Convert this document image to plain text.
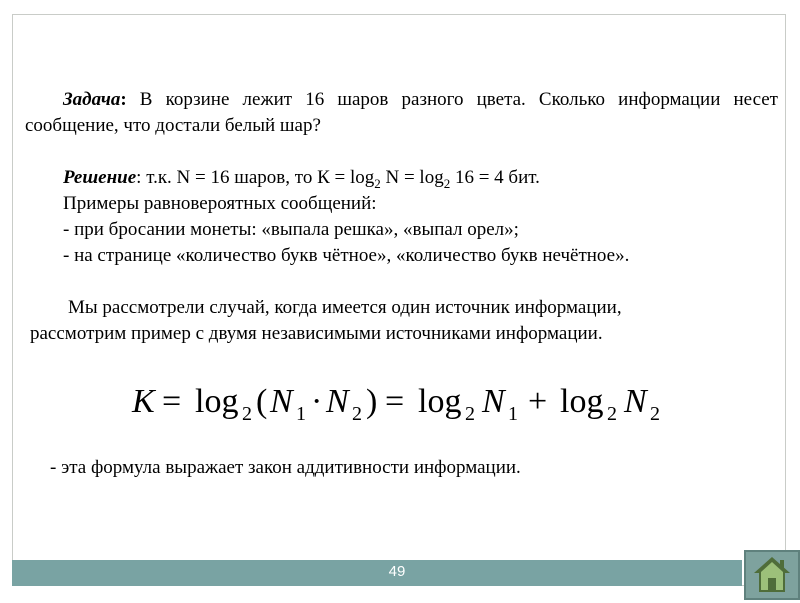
Задача: В корзине лежит 16 шаров разного цвета. Сколько информации несет сообщение, что достали белый шар?
Решение: т.к. N = 16 шаров, то $К = \log_2 N = \log_2 16 = 4$ бит.
Примеры равновероятных сообщений:
- при бросании монеты: «выпала решка», «выпал орел»;
- на странице «количество букв чётное», «количество букв нечётное».
Мы рассмотрели случай, когда имеется один источник информации,
рассмотрим пример с двумя независимыми источниками информации.
K = log 2 ( N 1 · N 2 ) = log 2 N 1 + log 2 N 2
- эта формула выражает закон аддитивности информации.
49
